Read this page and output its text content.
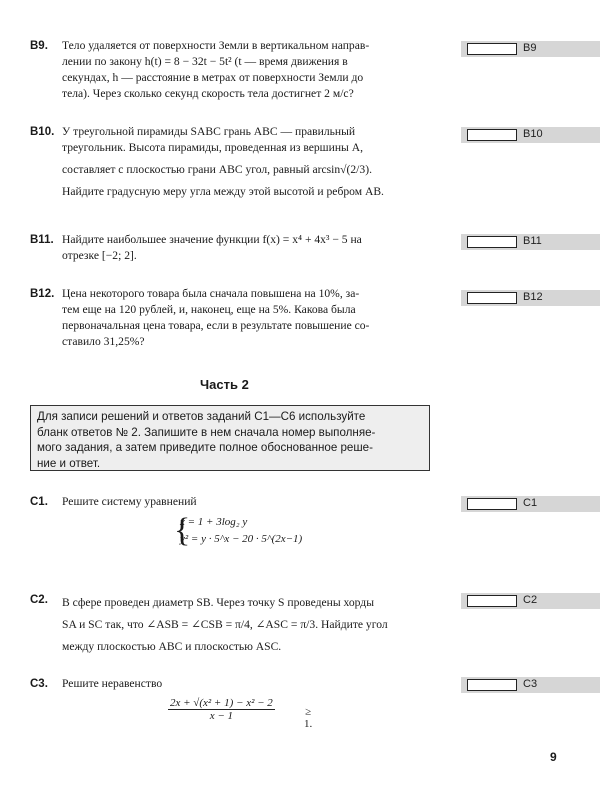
B9. Тело удаляется от поверхности Земли в вертикальном направ-
лении по закону h(t) = 8 − 32t − 5t² (t — время движения в
секундах, h — расстояние в метрах от поверхности Земли до
тела). Через сколько секунд скорость тела достигнет 2 м/с?
B10. У треугольной пирамиды SABC грань ABC — правильный
треугольник. Высота пирамиды, проведенная из вершины A,
составляет с плоскостью грани ABC угол, равный arcsin√(2/3).
Найдите градусную меру угла между этой высотой и ребром AB.
B11. Найдите наибольшее значение функции f(x) = x⁴ + 4x³ − 5 на
отрезке [−2; 2].
B12. Цена некоторого товара была сначала повышена на 10%, за-
тем еще на 120 рублей, и, наконец, еще на 5%. Какова была
первоначальная цена товара, если в результате повышение со-
ставило 31,25%?
Часть 2
Для записи решений и ответов заданий С1—С6 используйте
бланк ответов № 2. Запишите в нем сначала номер выполняе-
мого задания, а затем приведите полное обоснованное реше-
ние и ответ.
C1. Решите систему уравнений
{
x = 1 + 3log₂ y
y² = y · 5^x − 20 · 5^(2x−1)
C2. В сфере проведен диаметр SB. Через точку S проведены хорды
SA и SC так, что ∠ASB = ∠CSB = π/4, ∠ASC = π/3. Найдите угол
между плоскостью ABC и плоскостью ASC.
C3. Решите неравенство
2x + √(x² + 1) − x² − 2
x − 1	≥ 1.
B9
B10
B11
B12
C1
C2
C3
9
